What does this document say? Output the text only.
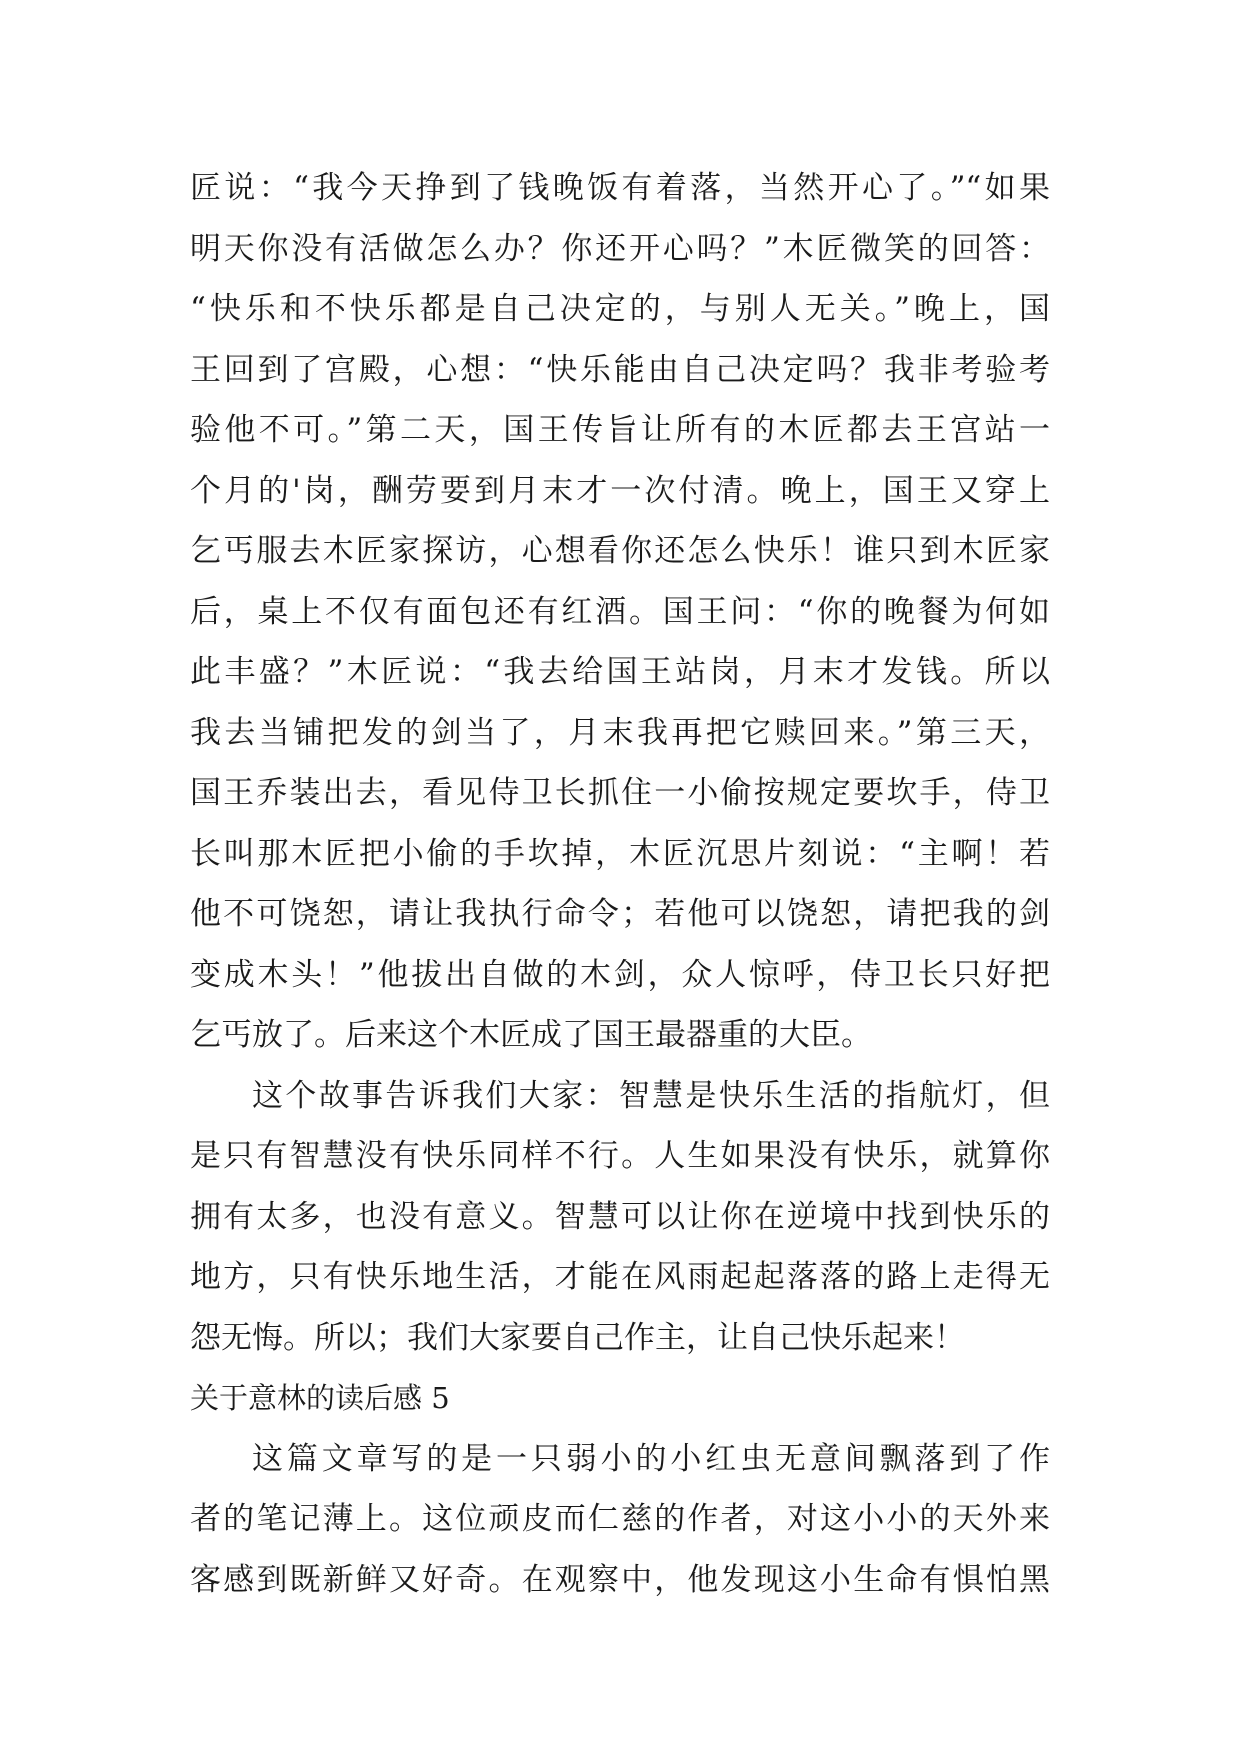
匠说：“我今天挣到了钱晚饭有着落，当然开心了。”“如果
明天你没有活做怎么办？你还开心吗？”木匠微笑的回答：
“快乐和不快乐都是自己决定的，与别人无关。”晚上，国
王回到了宫殿，心想：“快乐能由自己决定吗？我非考验考
验他不可。”第二天，国王传旨让所有的木匠都去王宫站一
个月的'岗，酬劳要到月末才一次付清。晚上，国王又穿上
乞丐服去木匠家探访，心想看你还怎么快乐！谁只到木匠家
后，桌上不仅有面包还有红酒。国王问：“你的晚餐为何如
此丰盛？”木匠说：“我去给国王站岗，月末才发钱。所以
我去当铺把发的剑当了，月末我再把它赎回来。”第三天，
国王乔装出去，看见侍卫长抓住一小偷按规定要坎手，侍卫
长叫那木匠把小偷的手坎掉，木匠沉思片刻说：“主啊！若
他不可饶恕，请让我执行命令；若他可以饶恕，请把我的剑
变成木头！”他拔出自做的木剑，众人惊呼，侍卫长只好把
乞丐放了。后来这个木匠成了国王最器重的大臣。
这个故事告诉我们大家：智慧是快乐生活的指航灯，但
是只有智慧没有快乐同样不行。人生如果没有快乐，就算你
拥有太多，也没有意义。智慧可以让你在逆境中找到快乐的
地方，只有快乐地生活，才能在风雨起起落落的路上走得无
怨无悔。所以；我们大家要自己作主，让自己快乐起来！
关于意林的读后感 5
这篇文章写的是一只弱小的小红虫无意间飘落到了作
者的笔记薄上。这位顽皮而仁慈的作者，对这小小的天外来
客感到既新鲜又好奇。在观察中，他发现这小生命有惧怕黑
